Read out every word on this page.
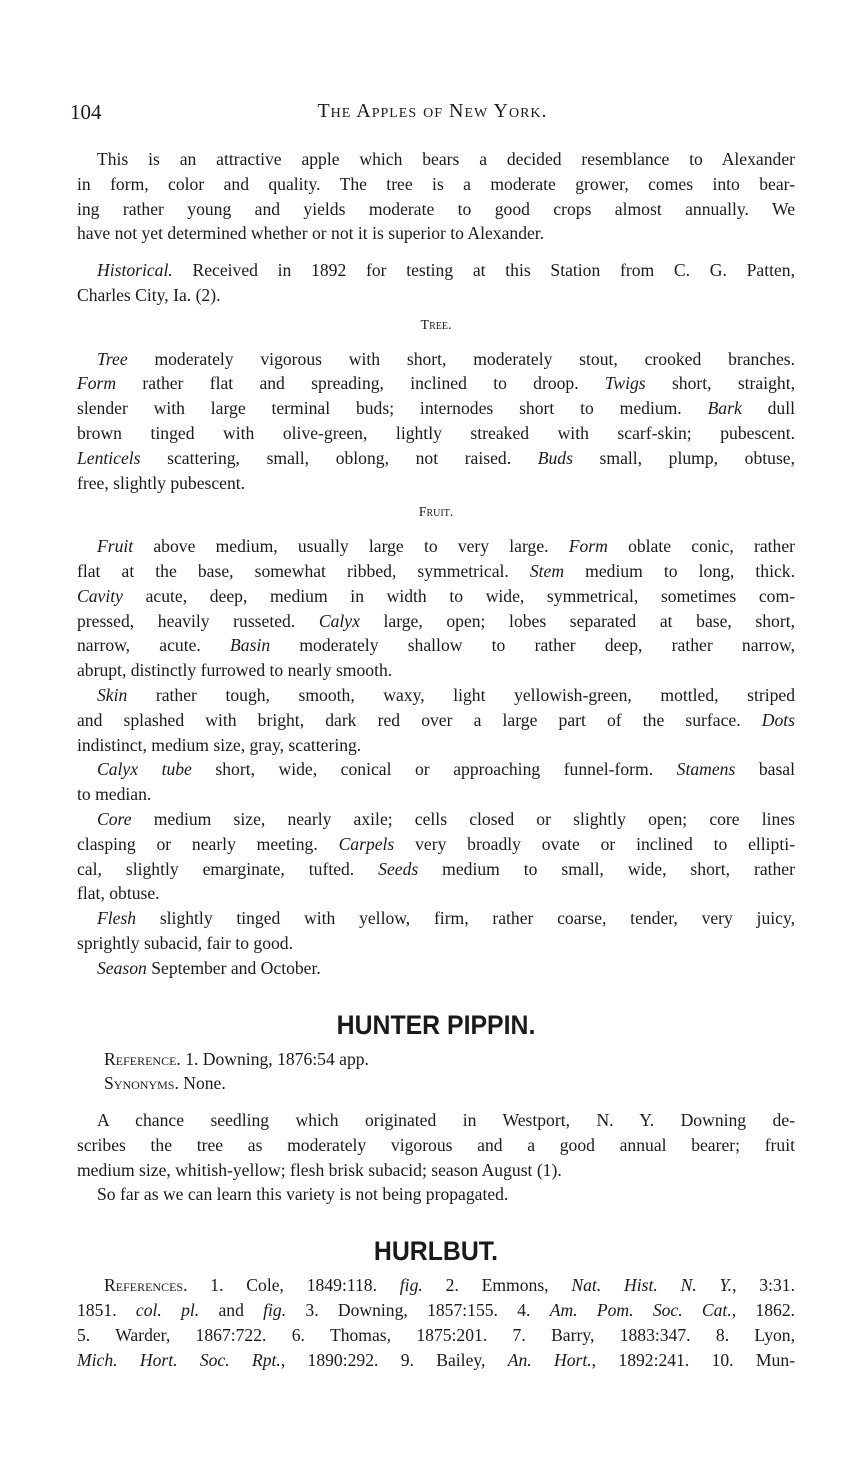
104	The Apples of New York.
This is an attractive apple which bears a decided resemblance to Alexander
in form, color and quality. The tree is a moderate grower, comes into bear-
ing rather young and yields moderate to good crops almost annually. We
have not yet determined whether or not it is superior to Alexander.
Historical. Received in 1892 for testing at this Station from C. G. Patten,
Charles City, Ia. (2).
Tree.
Tree moderately vigorous with short, moderately stout, crooked branches.
Form rather flat and spreading, inclined to droop. Twigs short, straight,
slender with large terminal buds; internodes short to medium. Bark dull
brown tinged with olive-green, lightly streaked with scarf-skin; pubescent.
Lenticels scattering, small, oblong, not raised. Buds small, plump, obtuse,
free, slightly pubescent.
Fruit.
Fruit above medium, usually large to very large. Form oblate conic, rather
flat at the base, somewhat ribbed, symmetrical. Stem medium to long, thick.
Cavity acute, deep, medium in width to wide, symmetrical, sometimes com-
pressed, heavily russeted. Calyx large, open; lobes separated at base, short,
narrow, acute. Basin moderately shallow to rather deep, rather narrow,
abrupt, distinctly furrowed to nearly smooth.
Skin rather tough, smooth, waxy, light yellowish-green, mottled, striped
and splashed with bright, dark red over a large part of the surface. Dots
indistinct, medium size, gray, scattering.
Calyx tube short, wide, conical or approaching funnel-form. Stamens basal
to median.
Core medium size, nearly axile; cells closed or slightly open; core lines
clasping or nearly meeting. Carpels very broadly ovate or inclined to ellipti-
cal, slightly emarginate, tufted. Seeds medium to small, wide, short, rather
flat, obtuse.
Flesh slightly tinged with yellow, firm, rather coarse, tender, very juicy,
sprightly subacid, fair to good.
Season September and October.
HUNTER PIPPIN.
Reference. 1. Downing, 1876:54 app.
Synonyms. None.
A chance seedling which originated in Westport, N. Y. Downing de-
scribes the tree as moderately vigorous and a good annual bearer; fruit
medium size, whitish-yellow; flesh brisk subacid; season August (1).
So far as we can learn this variety is not being propagated.
HURLBUT.
References. 1. Cole, 1849:118. fig. 2. Emmons, Nat. Hist. N. Y., 3:31.
1851. col. pl. and fig. 3. Downing, 1857:155. 4. Am. Pom. Soc. Cat., 1862.
5. Warder, 1867:722. 6. Thomas, 1875:201. 7. Barry, 1883:347. 8. Lyon,
Mich. Hort. Soc. Rpt., 1890:292. 9. Bailey, An. Hort., 1892:241. 10. Mun-
